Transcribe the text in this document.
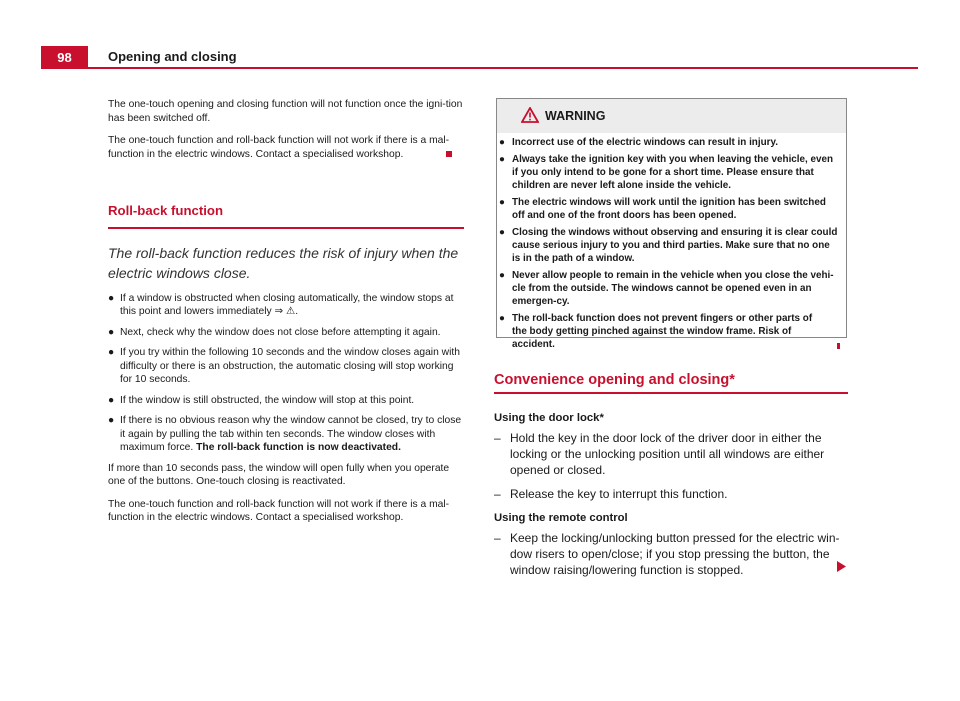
98	Opening and closing

The one-touch opening and closing function will not function once the igni-tion has been switched off.

The one-touch function and roll-back function will not work if there is a mal-function in the electric windows. Contact a specialised workshop.

Roll-back function

The roll-back function reduces the risk of injury when the electric windows close.

● If a window is obstructed when closing automatically, the window stops at this point and lowers immediately ⇒ ⚠.
● Next, check why the window does not close before attempting it again.
● If you try within the following 10 seconds and the window closes again with difficulty or there is an obstruction, the automatic closing will stop working for 10 seconds.
● If the window is still obstructed, the window will stop at this point.
● If there is no obvious reason why the window cannot be closed, try to close it again by pulling the tab within ten seconds. The window closes with maximum force. The roll-back function is now deactivated.

If more than 10 seconds pass, the window will open fully when you operate one of the buttons. One-touch closing is reactivated.

The one-touch function and roll-back function will not work if there is a mal-function in the electric windows. Contact a specialised workshop.

WARNING
● Incorrect use of the electric windows can result in injury.
● Always take the ignition key with you when leaving the vehicle, even if you only intend to be gone for a short time. Please ensure that children are never left alone inside the vehicle.
● The electric windows will work until the ignition has been switched off and one of the front doors has been opened.
● Closing the windows without observing and ensuring it is clear could cause serious injury to you and third parties. Make sure that no one is in the path of a window.
● Never allow people to remain in the vehicle when you close the vehi-cle from the outside. The windows cannot be opened even in an emergen-cy.
● The roll-back function does not prevent fingers or other parts of the body getting pinched against the window frame. Risk of accident.

Convenience opening and closing*

Using the door lock*

– Hold the key in the door lock of the driver door in either the locking or the unlocking position until all windows are either opened or closed.
– Release the key to interrupt this function.

Using the remote control

– Keep the locking/unlocking button pressed for the electric win-dow risers to open/close; if you stop pressing the button, the window raising/lowering function is stopped.
